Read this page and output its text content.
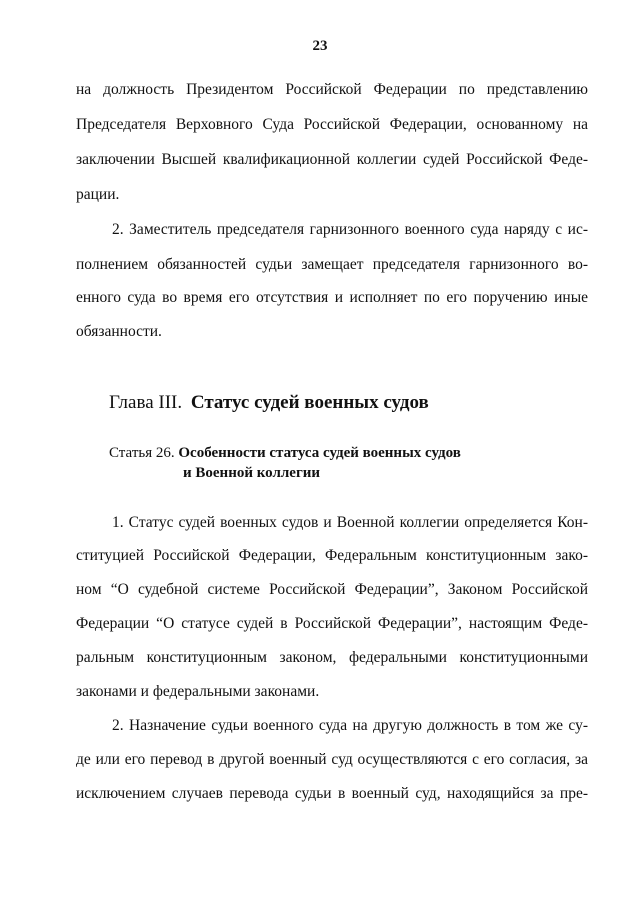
23
на должность Президентом Российской Федерации по представлению
Председателя Верховного Суда Российской Федерации, основанному на
заключении Высшей квалификационной коллегии судей Российской Феде-
рации.
2. Заместитель председателя гарнизонного военного суда наряду с ис-
полнением обязанностей судьи замещает председателя гарнизонного во-
енного суда во время его отсутствия и исполняет по его поручению иные
обязанности.
Глава III. Статус судей военных судов
Статья 26. Особенности статуса судей военных судов
и Военной коллегии
1. Статус судей военных судов и Военной коллегии определяется Кон-
ституцией Российской Федерации, Федеральным конституционным зако-
ном “О судебной системе Российской Федерации”, Законом Российской
Федерации “О статусе судей в Российской Федерации”, настоящим Феде-
ральным конституционным законом, федеральными конституционными
законами и федеральными законами.
2. Назначение судьи военного суда на другую должность в том же су-
де или его перевод в другой военный суд осуществляются с его согласия, за
исключением случаев перевода судьи в военный суд, находящийся за пре-
